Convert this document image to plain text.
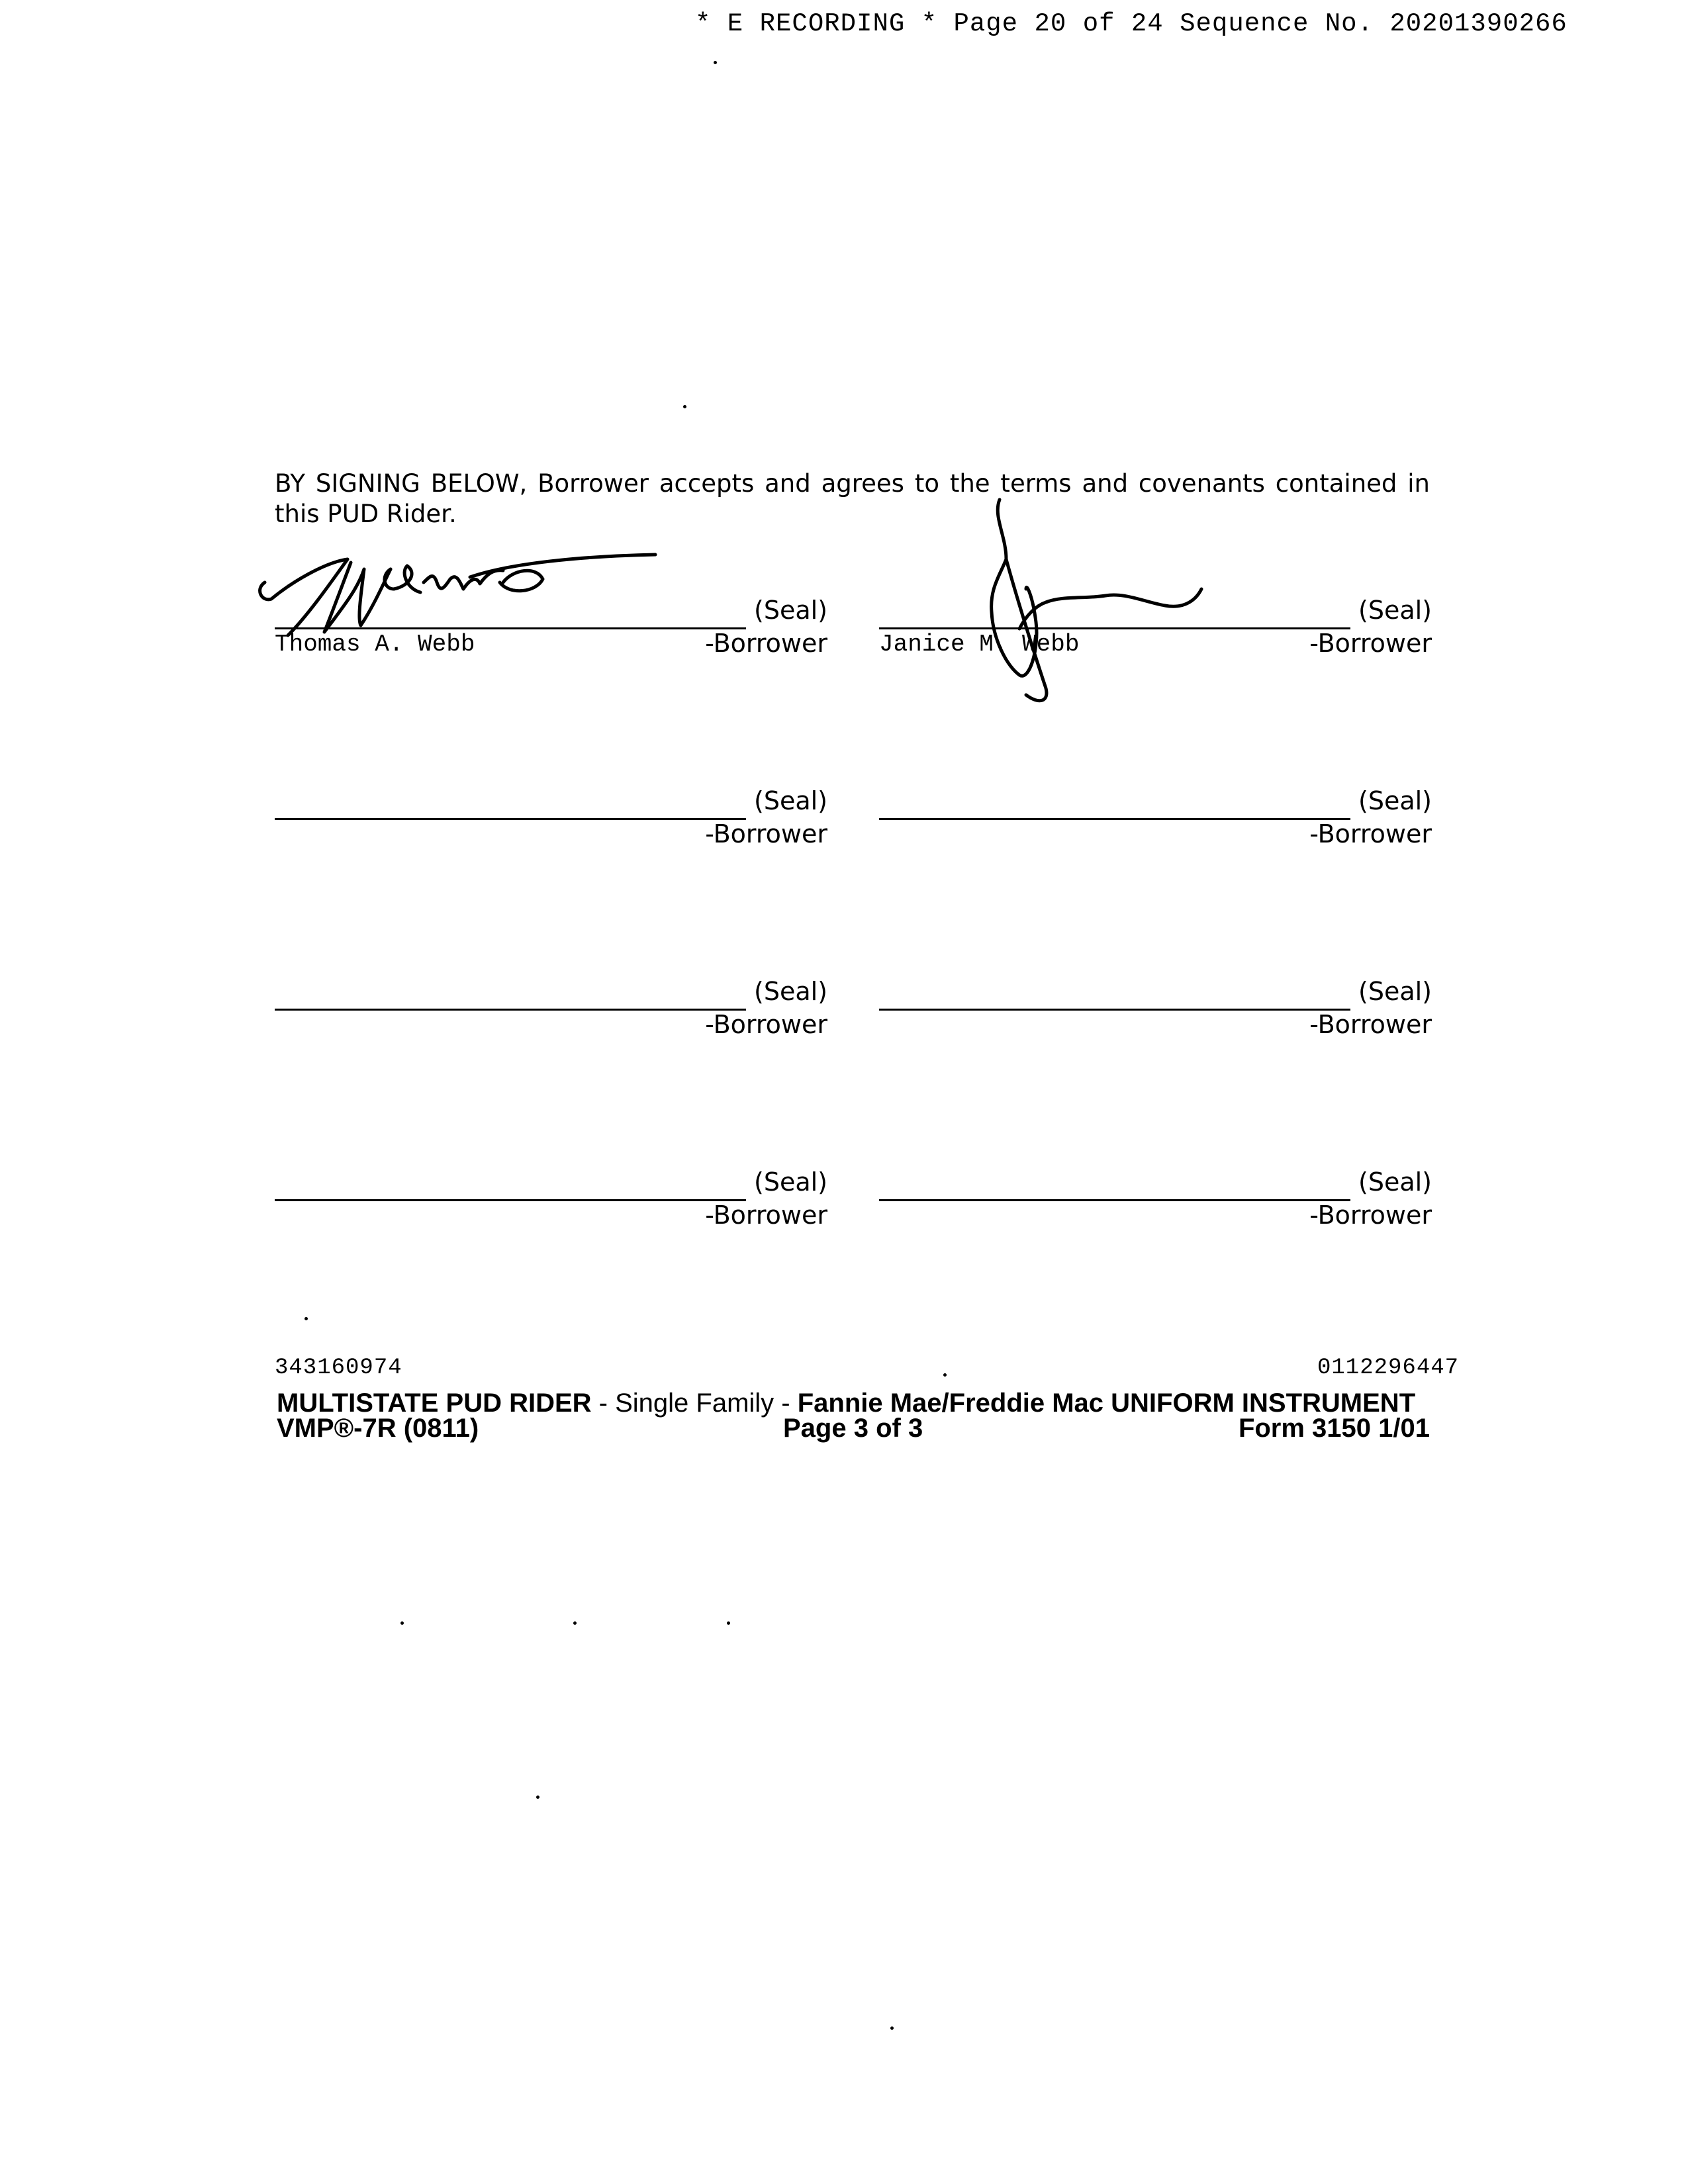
* E RECORDING * Page 20 of 24 Sequence No. 20201390266
BY SIGNING BELOW, Borrower accepts and agrees to the terms and covenants contained in this PUD Rider.
(Seal)
Thomas A. Webb	-Borrower
(Seal)
Janice M. Webb	-Borrower
(Seal)
-Borrower
(Seal)
-Borrower
(Seal)
-Borrower
(Seal)
-Borrower
(Seal)
-Borrower
(Seal)
-Borrower
343160974	0112296447
MULTISTATE PUD RIDER - Single Family - Fannie Mae/Freddie Mac UNIFORM INSTRUMENT
VMP®-7R (0811)	Page 3 of 3	Form 3150 1/01
